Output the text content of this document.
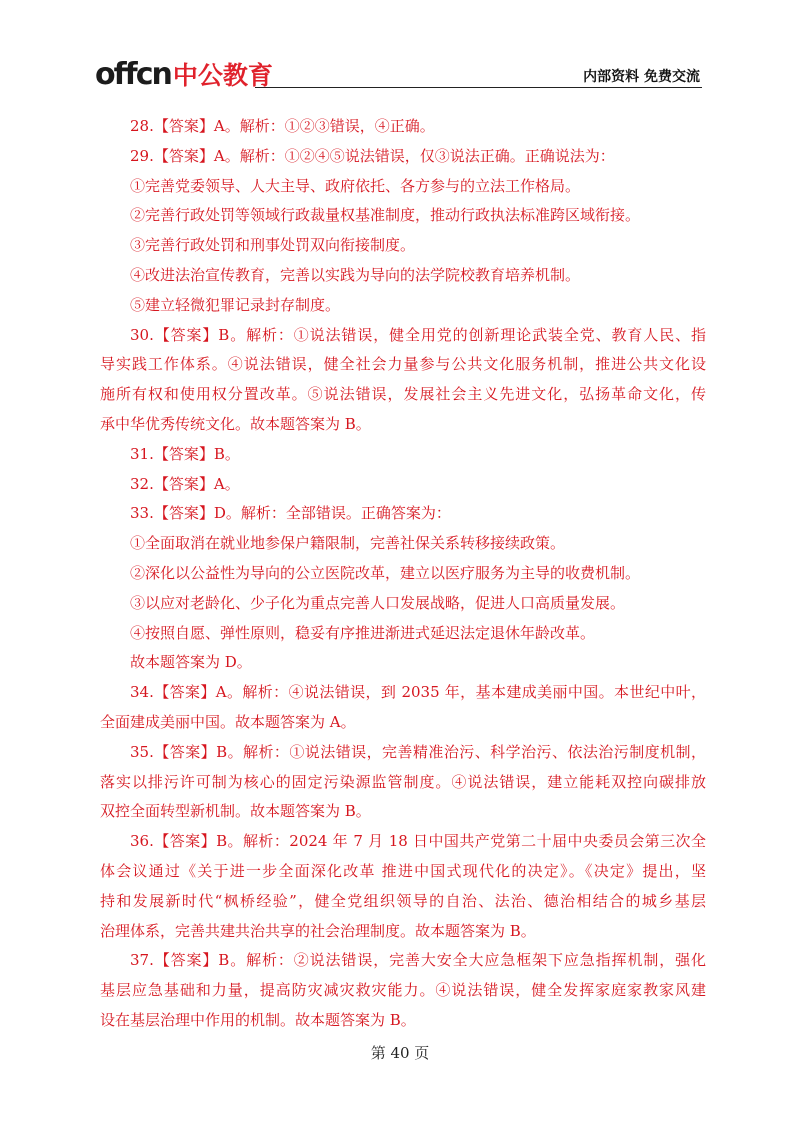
offcn 中公教育	内部资料 免费交流
28.【答案】A。解析：①②③错误，④正确。
29.【答案】A。解析：①②④⑤说法错误，仅③说法正确。正确说法为：
①完善党委领导、人大主导、政府依托、各方参与的立法工作格局。
②完善行政处罚等领域行政裁量权基准制度，推动行政执法标准跨区域衔接。
③完善行政处罚和刑事处罚双向衔接制度。
④改进法治宣传教育，完善以实践为导向的法学院校教育培养机制。
⑤建立轻微犯罪记录封存制度。
30.【答案】B。解析：①说法错误，健全用党的创新理论武装全党、教育人民、指
导实践工作体系。④说法错误，健全社会力量参与公共文化服务机制，推进公共文化设
施所有权和使用权分置改革。⑤说法错误，发展社会主义先进文化，弘扬革命文化，传
承中华优秀传统文化。故本题答案为 B。
31.【答案】B。
32.【答案】A。
33.【答案】D。解析：全部错误。正确答案为：
①全面取消在就业地参保户籍限制，完善社保关系转移接续政策。
②深化以公益性为导向的公立医院改革，建立以医疗服务为主导的收费机制。
③以应对老龄化、少子化为重点完善人口发展战略，促进人口高质量发展。
④按照自愿、弹性原则，稳妥有序推进渐进式延迟法定退休年龄改革。
故本题答案为 D。
34.【答案】A。解析：④说法错误，到 2035 年，基本建成美丽中国。本世纪中叶，
全面建成美丽中国。故本题答案为 A。
35.【答案】B。解析：①说法错误，完善精准治污、科学治污、依法治污制度机制，
落实以排污许可制为核心的固定污染源监管制度。④说法错误，建立能耗双控向碳排放
双控全面转型新机制。故本题答案为 B。
36.【答案】B。解析：2024 年 7 月 18 日中国共产党第二十届中央委员会第三次全
体会议通过《关于进一步全面深化改革 推进中国式现代化的决定》。《决定》提出，坚
持和发展新时代“枫桥经验”，健全党组织领导的自治、法治、德治相结合的城乡基层
治理体系，完善共建共治共享的社会治理制度。故本题答案为 B。
37.【答案】B。解析：②说法错误，完善大安全大应急框架下应急指挥机制，强化
基层应急基础和力量，提高防灾减灾救灾能力。④说法错误，健全发挥家庭家教家风建
设在基层治理中作用的机制。故本题答案为 B。
第 40 页
